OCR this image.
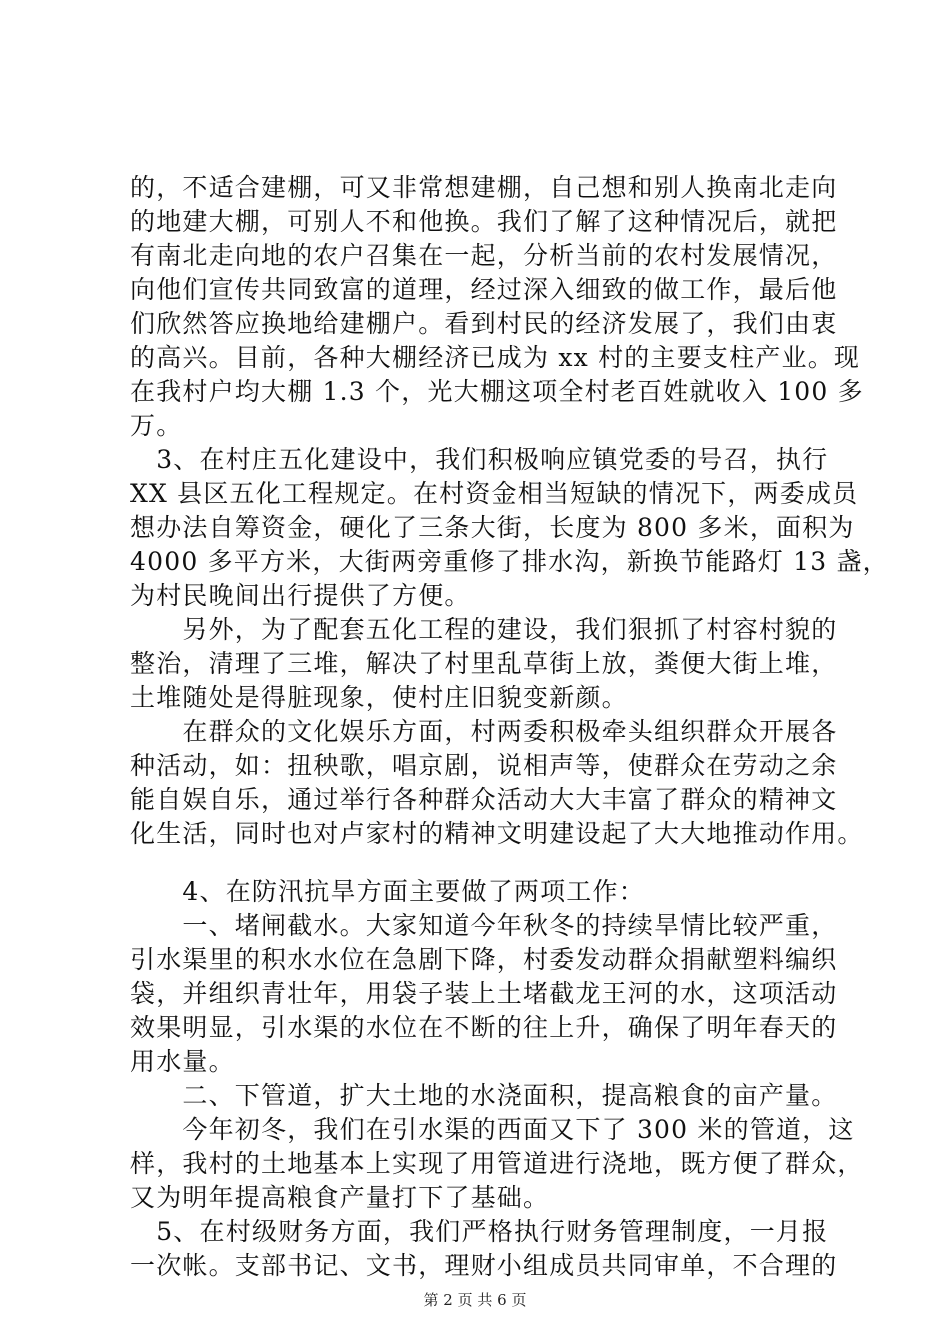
的，不适合建棚，可又非常想建棚，自己想和别人换南北走向
的地建大棚，可别人不和他换。我们了解了这种情况后，就把
有南北走向地的农户召集在一起，分析当前的农村发展情况，
向他们宣传共同致富的道理，经过深入细致的做工作，最后他
们欣然答应换地给建棚户。看到村民的经济发展了，我们由衷
的高兴。目前，各种大棚经济已成为 xx 村的主要支柱产业。现
在我村户均大棚 1.3 个，光大棚这项全村老百姓就收入 100 多
万。
　3、在村庄五化建设中，我们积极响应镇党委的号召，执行
XX 县区五化工程规定。在村资金相当短缺的情况下，两委成员
想办法自筹资金，硬化了三条大街，长度为 800 多米，面积为
4000 多平方米，大街两旁重修了排水沟，新换节能路灯 13 盏，
为村民晚间出行提供了方便。
　　另外，为了配套五化工程的建设，我们狠抓了村容村貌的
整治，清理了三堆，解决了村里乱草街上放，粪便大街上堆，
土堆随处是得脏现象，使村庄旧貌变新颜。
　　在群众的文化娱乐方面，村两委积极牵头组织群众开展各
种活动，如：扭秧歌，唱京剧，说相声等，使群众在劳动之余
能自娱自乐，通过举行各种群众活动大大丰富了群众的精神文
化生活，同时也对卢家村的精神文明建设起了大大地推动作用。
　　4、在防汛抗旱方面主要做了两项工作：
　　一、堵闸截水。大家知道今年秋冬的持续旱情比较严重，
引水渠里的积水水位在急剧下降，村委发动群众捐献塑料编织
袋，并组织青壮年，用袋子装上土堵截龙王河的水，这项活动
效果明显，引水渠的水位在不断的往上升，确保了明年春天的
用水量。
　　二、下管道，扩大土地的水浇面积，提高粮食的亩产量。
　　今年初冬，我们在引水渠的西面又下了 300 米的管道，这
样，我村的土地基本上实现了用管道进行浇地，既方便了群众，
又为明年提高粮食产量打下了基础。
　5、在村级财务方面，我们严格执行财务管理制度，一月报
一次帐。支部书记、文书，理财小组成员共同审单，不合理的
第 2 页 共 6 页
